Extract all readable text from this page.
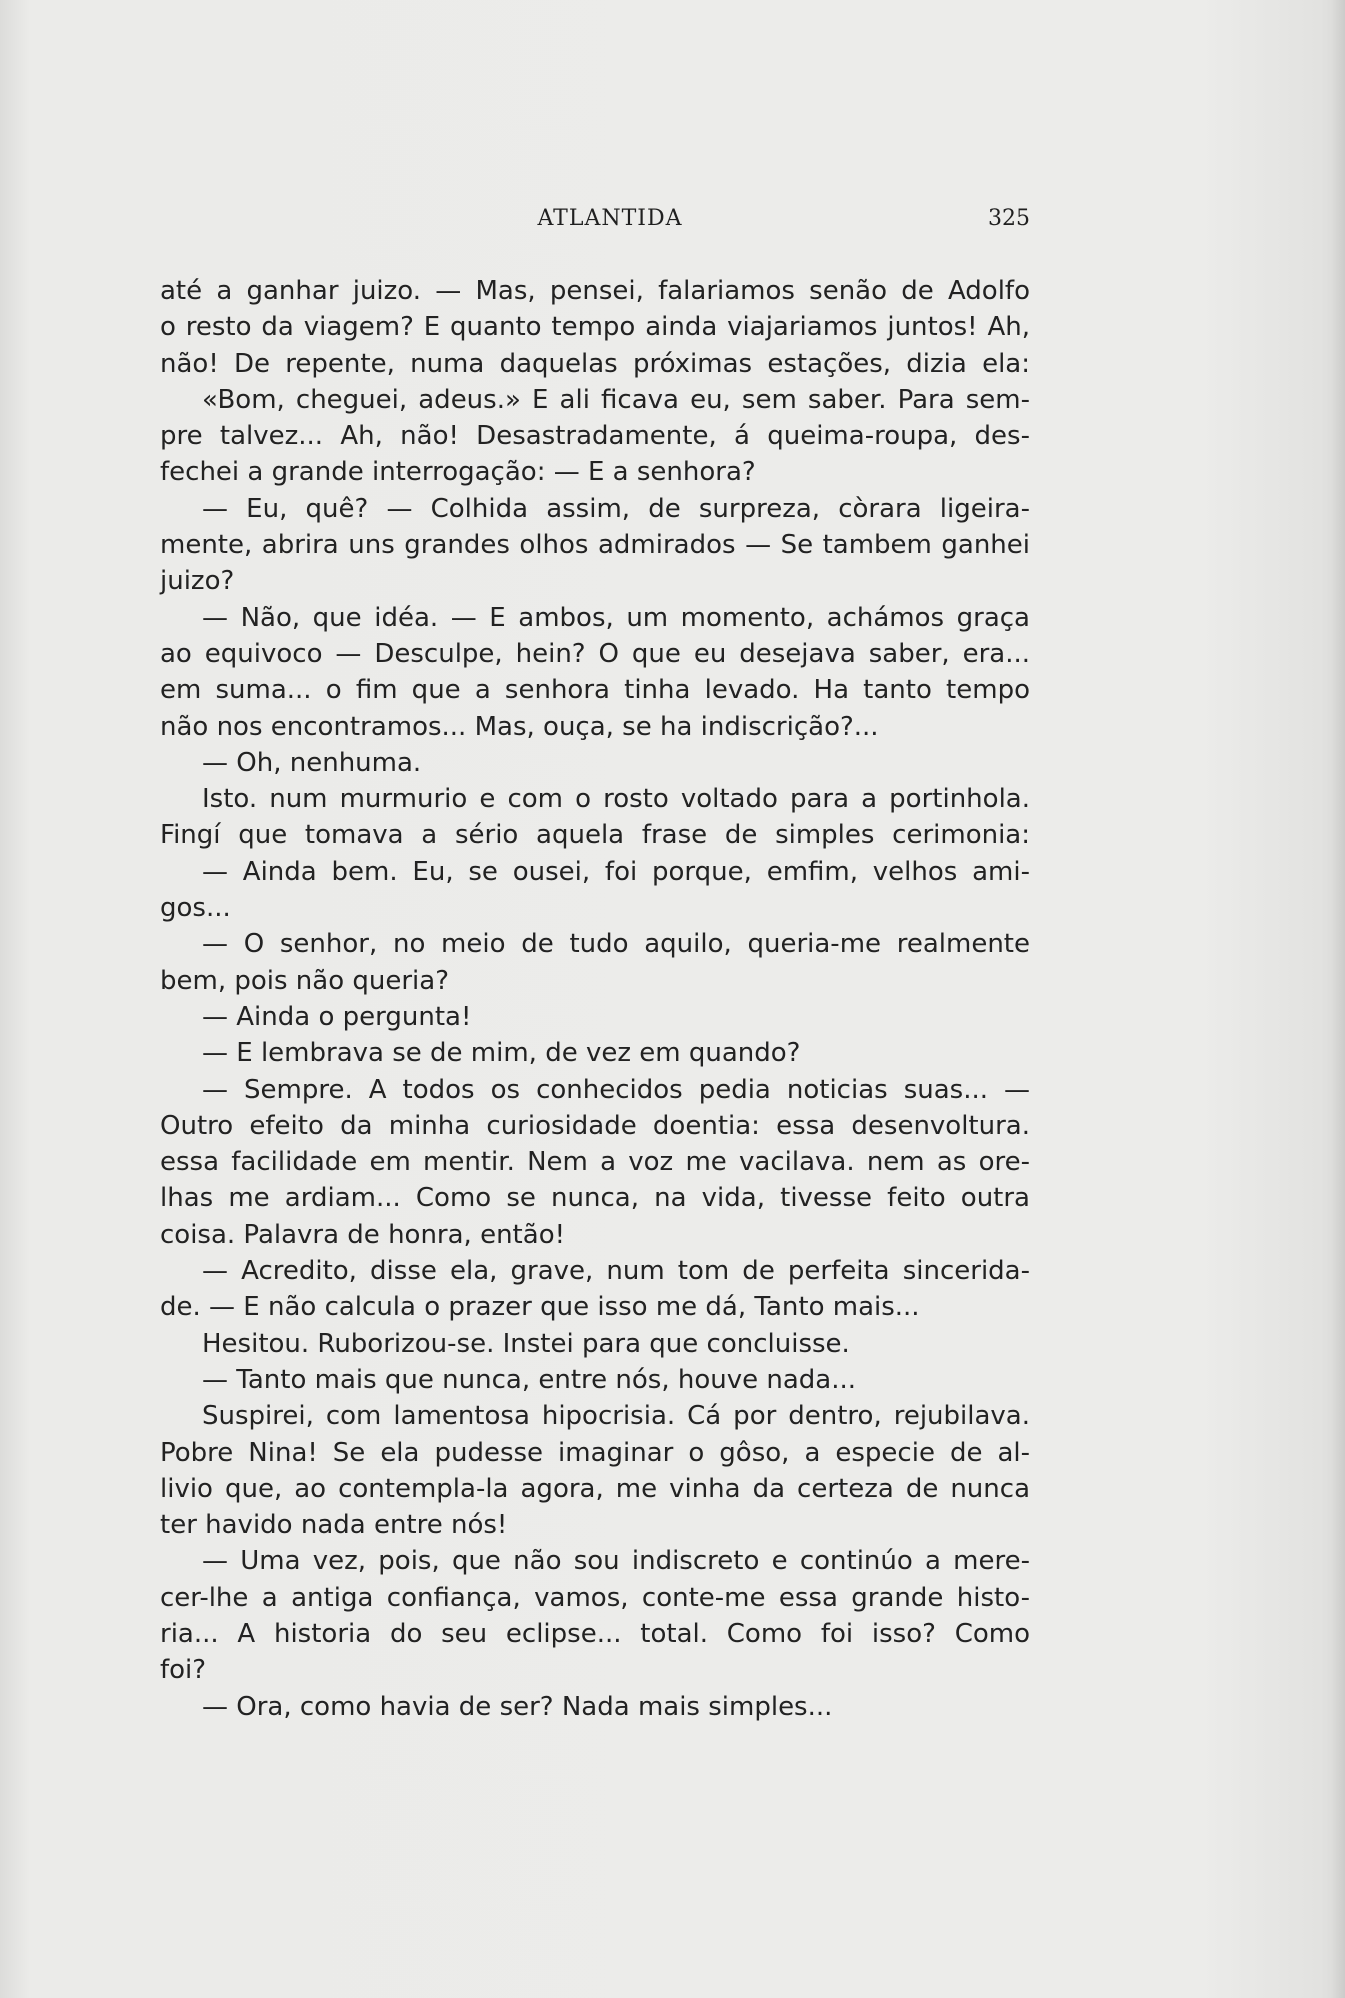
ATLANTIDA	325
até a ganhar juizo. — Mas, pensei, falariamos senão de Adolfo
o resto da viagem? E quanto tempo ainda viajariamos juntos! Ah,
não! De repente, numa daquelas próximas estações, dizia ela:
«Bom, cheguei, adeus.» E ali ficava eu, sem saber. Para sem-
pre talvez... Ah, não! Desastradamente, á queima-roupa, des-
fechei a grande interrogação: — E a senhora?
— Eu, quê? — Colhida assim, de surpreza, còrara ligeira-
mente, abrira uns grandes olhos admirados — Se tambem ganhei
juizo?
— Não, que idéa. — E ambos, um momento, achámos graça
ao equivoco — Desculpe, hein? O que eu desejava saber, era...
em suma... o fim que a senhora tinha levado. Ha tanto tempo
não nos encontramos... Mas, ouça, se ha indiscrição?...
— Oh, nenhuma.
Isto. num murmurio e com o rosto voltado para a portinhola.
Fingí que tomava a sério aquela frase de simples cerimonia:
— Ainda bem. Eu, se ousei, foi porque, emfim, velhos ami-
gos...
— O senhor, no meio de tudo aquilo, queria-me realmente
bem, pois não queria?
— Ainda o pergunta!
— E lembrava se de mim, de vez em quando?
— Sempre. A todos os conhecidos pedia noticias suas... —
Outro efeito da minha curiosidade doentia: essa desenvoltura.
essa facilidade em mentir. Nem a voz me vacilava. nem as ore-
lhas me ardiam... Como se nunca, na vida, tivesse feito outra
coisa. Palavra de honra, então!
— Acredito, disse ela, grave, num tom de perfeita sincerida-
de. — E não calcula o prazer que isso me dá, Tanto mais...
Hesitou. Ruborizou-se. Instei para que concluisse.
— Tanto mais que nunca, entre nós, houve nada...
Suspirei, com lamentosa hipocrisia. Cá por dentro, rejubilava.
Pobre Nina! Se ela pudesse imaginar o gôso, a especie de al-
livio que, ao contempla-la agora, me vinha da certeza de nunca
ter havido nada entre nós!
— Uma vez, pois, que não sou indiscreto e continúo a mere-
cer-lhe a antiga confiança, vamos, conte-me essa grande histo-
ria... A historia do seu eclipse... total. Como foi isso? Como
foi?
— Ora, como havia de ser? Nada mais simples...
